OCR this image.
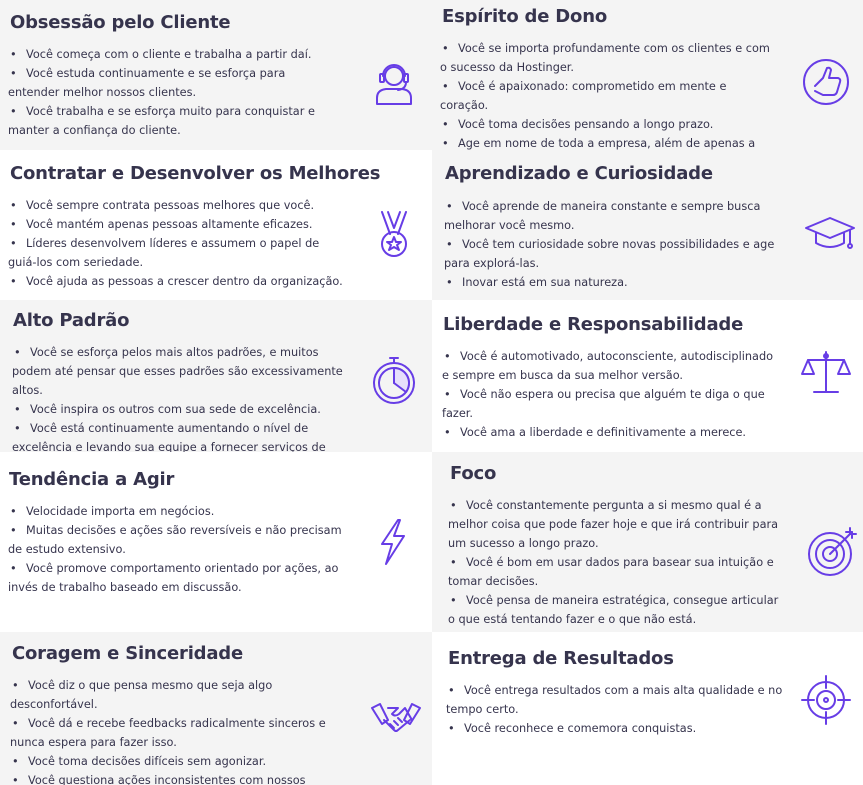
Obsessão pelo Cliente
• Você começa com o cliente e trabalha a partir daí.
• Você estuda continuamente e se esforça para entender melhor nossos clientes.
• Você trabalha e se esforça muito para conquistar e manter a confiança do cliente.
Espírito de Dono
• Você se importa profundamente com os clientes e com o sucesso da Hostinger.
• Você é apaixonado: comprometido em mente e coração.
• Você toma decisões pensando a longo prazo.
• Age em nome de toda a empresa, além de apenas a
Contratar e Desenvolver os Melhores
• Você sempre contrata pessoas melhores que você.
• Você mantém apenas pessoas altamente eficazes.
• Líderes desenvolvem líderes e assumem o papel de guiá-los com seriedade.
• Você ajuda as pessoas a crescer dentro da organização.
Aprendizado e Curiosidade
• Você aprende de maneira constante e sempre busca melhorar você mesmo.
• Você tem curiosidade sobre novas possibilidades e age para explorá-las.
• Inovar está em sua natureza.
Alto Padrão
• Você se esforça pelos mais altos padrões, e muitos podem até pensar que esses padrões são excessivamente altos.
• Você inspira os outros com sua sede de excelência.
• Você está continuamente aumentando o nível de excelência e levando sua equipe a fornecer serviços de
Liberdade e Responsabilidade
• Você é automotivado, autoconsciente, autodisciplinado e sempre em busca da sua melhor versão.
• Você não espera ou precisa que alguém te diga o que fazer.
• Você ama a liberdade e definitivamente a merece.
Tendência a Agir
• Velocidade importa em negócios.
• Muitas decisões e ações são reversíveis e não precisam de estudo extensivo.
• Você promove comportamento orientado por ações, ao invés de trabalho baseado em discussão.
Foco
• Você constantemente pergunta a si mesmo qual é a melhor coisa que pode fazer hoje e que irá contribuir para um sucesso a longo prazo.
• Você é bom em usar dados para basear sua intuição e tomar decisões.
• Você pensa de maneira estratégica, consegue articular o que está tentando fazer e o que não está.
Coragem e Sinceridade
• Você diz o que pensa mesmo que seja algo desconfortável.
• Você dá e recebe feedbacks radicalmente sinceros e nunca espera para fazer isso.
• Você toma decisões difíceis sem agonizar.
• Você questiona ações inconsistentes com nossos
Entrega de Resultados
• Você entrega resultados com a mais alta qualidade e no tempo certo.
• Você reconhece e comemora conquistas.
